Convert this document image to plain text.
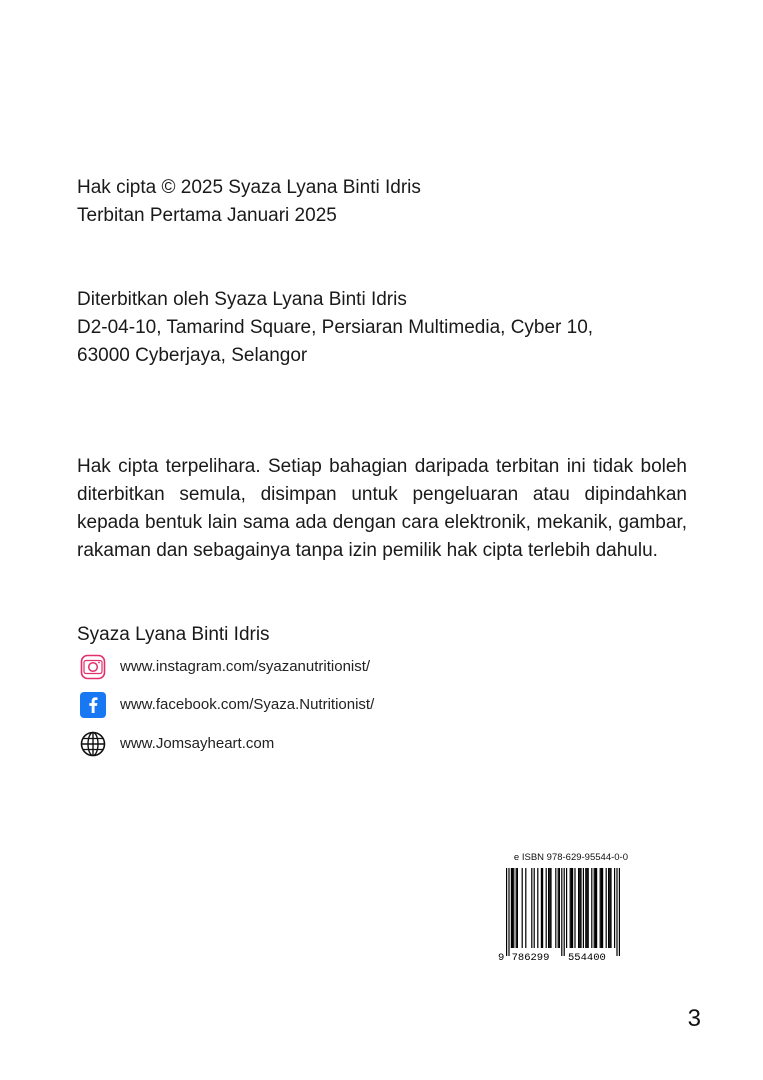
Hak cipta © 2025 Syaza Lyana Binti Idris
Terbitan Pertama Januari 2025
Diterbitkan oleh Syaza Lyana Binti Idris
D2-04-10, Tamarind Square, Persiaran Multimedia, Cyber 10,
63000 Cyberjaya, Selangor

Hak cipta terpelihara. Setiap bahagian daripada terbitan ini tidak boleh diterbitkan semula, disimpan untuk pengeluaran atau dipindahkan kepada bentuk lain sama ada dengan cara elektronik, mekanik, gambar, rakaman dan sebagainya tanpa izin pemilik hak cipta terlebih dahulu.

Syaza Lyana Binti Idris
www.instagram.com/syazanutritionist/
www.facebook.com/Syaza.Nutritionist/
www.Jomsayheart.com
e ISBN 978-629-95544-0-0
9 786299 554400
3
